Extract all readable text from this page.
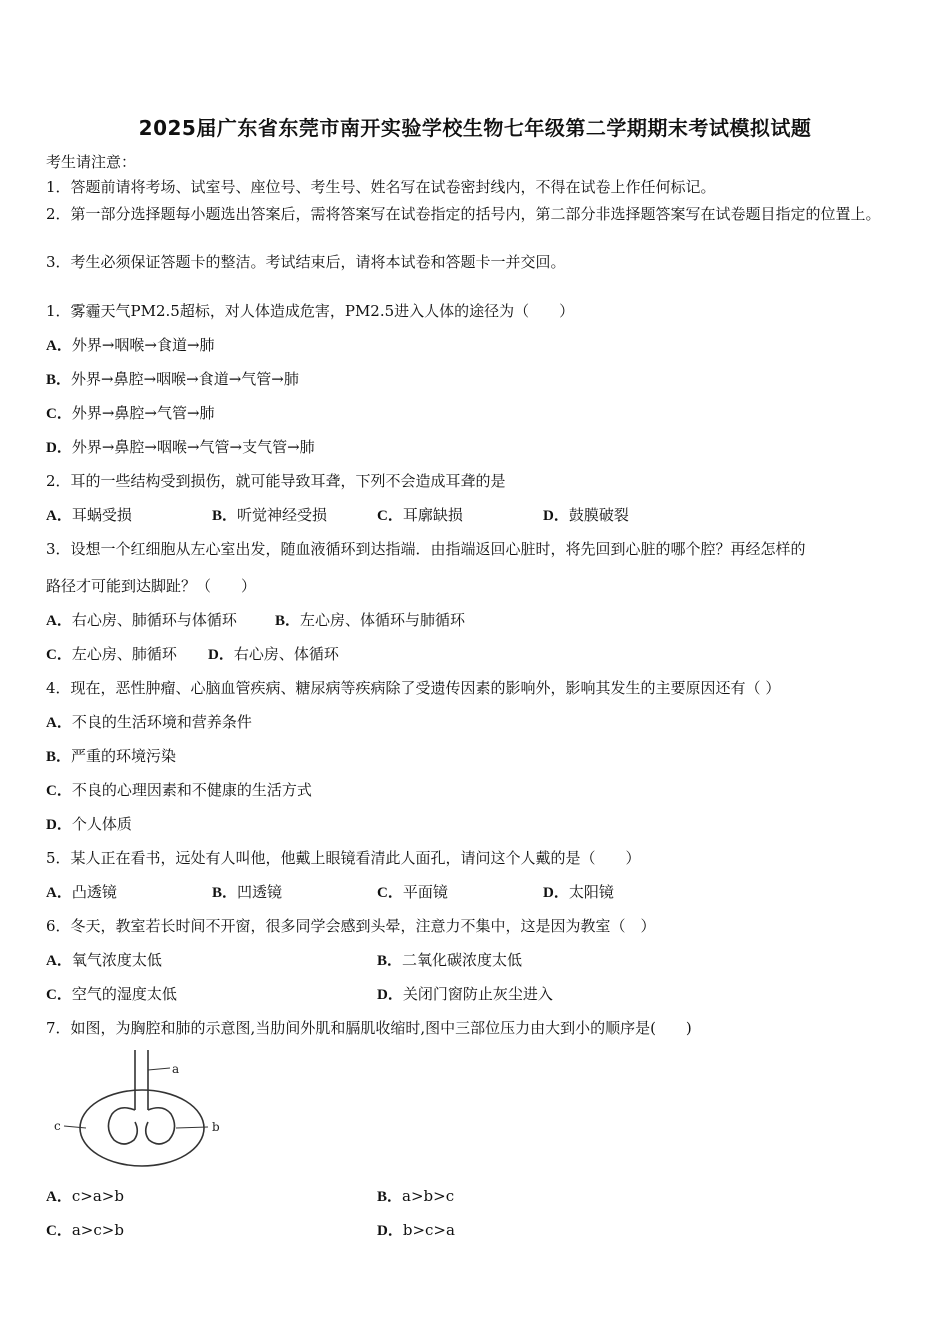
2025届广东省东莞市南开实验学校生物七年级第二学期期末考试模拟试题
考生请注意：
1．答题前请将考场、试室号、座位号、考生号、姓名写在试卷密封线内，不得在试卷上作任何标记。
2．第一部分选择题每小题选出答案后，需将答案写在试卷指定的括号内，第二部分非选择题答案写在试卷题目指定的位置上。
3．考生必须保证答题卡的整洁。考试结束后，请将本试卷和答题卡一并交回。
1．雾霾天气PM2.5超标，对人体造成危害，PM2.5进入人体的途径为（　　）
A．外界→咽喉→食道→肺
B．外界→鼻腔→咽喉→食道→气管→肺
C．外界→鼻腔→气管→肺
D．外界→鼻腔→咽喉→气管→支气管→肺
2．耳的一些结构受到损伤，就可能导致耳聋，下列不会造成耳聋的是
A．耳蜗受损	B．听觉神经受损	C．耳廓缺损	D．鼓膜破裂
3．设想一个红细胞从左心室出发，随血液循环到达指端．由指端返回心脏时，将先回到心脏的哪个腔？再经怎样的
路径才可能到达脚趾？（　　）
A．右心房、肺循环与体循环	B．左心房、体循环与肺循环
C．左心房、肺循环 D．右心房、体循环
4．现在，恶性肿瘤、心脑血管疾病、糖尿病等疾病除了受遗传因素的影响外，影响其发生的主要原因还有（ ）
A．不良的生活环境和营养条件
B．严重的环境污染
C．不良的心理因素和不健康的生活方式
D．个人体质
5．某人正在看书，远处有人叫他，他戴上眼镜看清此人面孔，请问这个人戴的是（　　）
A．凸透镜	B．凹透镜	C．平面镜	D．太阳镜
6．冬天，教室若长时间不开窗，很多同学会感到头晕，注意力不集中，这是因为教室（　）
A．氧气浓度太低	B．二氧化碳浓度太低
C．空气的湿度太低	D．关闭门窗防止灰尘进入
7．如图，为胸腔和肺的示意图,当肋间外肌和膈肌收缩时,图中三部位压力由大到小的顺序是(　　)
a
b
c
A．c>a>b	B．a>b>c
C．a>c>b	D．b>c>a
